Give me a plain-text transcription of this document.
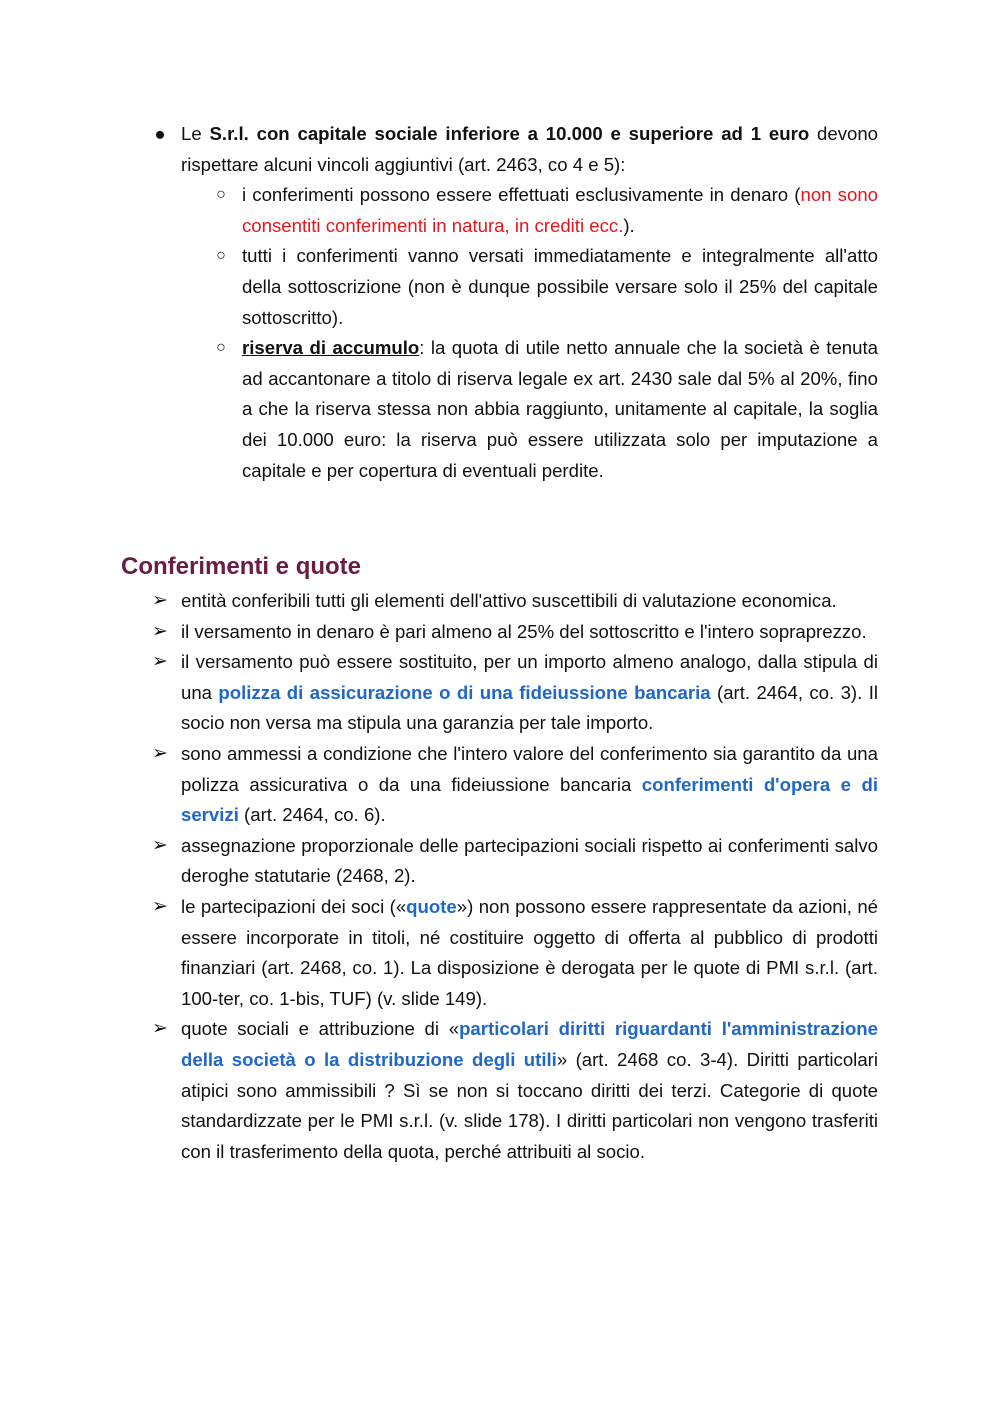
● Le S.r.l. con capitale sociale inferiore a 10.000 e superiore ad 1 euro devono rispettare alcuni vincoli aggiuntivi (art. 2463, co 4 e 5):
○ i conferimenti possono essere effettuati esclusivamente in denaro (non sono consentiti conferimenti in natura, in crediti ecc.).
○ tutti i conferimenti vanno versati immediatamente e integralmente all'atto della sottoscrizione (non è dunque possibile versare solo il 25% del capitale sottoscritto).
○ riserva di accumulo: la quota di utile netto annuale che la società è tenuta ad accantonare a titolo di riserva legale ex art. 2430 sale dal 5% al 20%, fino a che la riserva stessa non abbia raggiunto, unitamente al capitale, la soglia dei 10.000 euro: la riserva può essere utilizzata solo per imputazione a capitale e per copertura di eventuali perdite.
Conferimenti e quote
➢ entità conferibili tutti gli elementi dell'attivo suscettibili di valutazione economica.
➢ il versamento in denaro è pari almeno al 25% del sottoscritto e l'intero sopraprezzo.
➢ il versamento può essere sostituito, per un importo almeno analogo, dalla stipula di una polizza di assicurazione o di una fideiussione bancaria (art. 2464, co. 3). Il socio non versa ma stipula una garanzia per tale importo.
➢ sono ammessi a condizione che l'intero valore del conferimento sia garantito da una polizza assicurativa o da una fideiussione bancaria conferimenti d'opera e di servizi (art. 2464, co. 6).
➢ assegnazione proporzionale delle partecipazioni sociali rispetto ai conferimenti salvo deroghe statutarie (2468, 2).
➢ le partecipazioni dei soci («quote») non possono essere rappresentate da azioni, né essere incorporate in titoli, né costituire oggetto di offerta al pubblico di prodotti finanziari (art. 2468, co. 1). La disposizione è derogata per le quote di PMI s.r.l. (art. 100-ter, co. 1-bis, TUF) (v. slide 149).
➢ quote sociali e attribuzione di «particolari diritti riguardanti l'amministrazione della società o la distribuzione degli utili» (art. 2468 co. 3-4). Diritti particolari atipici sono ammissibili ? Sì se non si toccano diritti dei terzi. Categorie di quote standardizzate per le PMI s.r.l. (v. slide 178). I diritti particolari non vengono trasferiti con il trasferimento della quota, perché attribuiti al socio.
